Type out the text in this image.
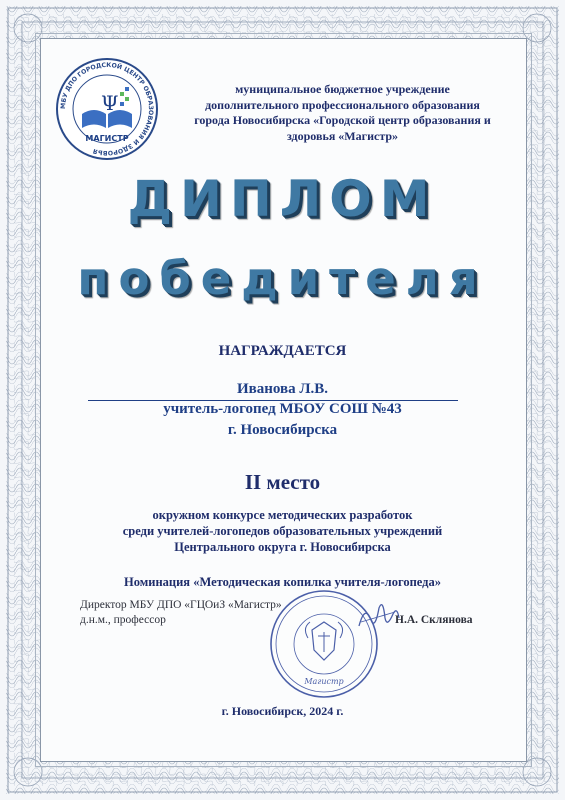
МБУ ДПО ГОРОДСКОЙ ЦЕНТР ОБРАЗОВАНИЯ И ЗДОРОВЬЯ
Ψ
МАГИСТР
муниципальное бюджетное учреждение
дополнительного профессионального образования
города Новосибирска «Городской центр образования и
здоровья «Магистр»
ДИПЛОМ
победителя
НАГРАЖДАЕТСЯ
Иванова Л.В.
учитель-логопед МБОУ СОШ №43
г. Новосибирска
II место
окружном конкурсе методических разработок
среди учителей-логопедов образовательных учреждений
Центрального округа г. Новосибирска
Номинация «Методическая копилка учителя-логопеда»
Магистр
Директор МБУ ДПО «ГЦОиЗ «Магистр»
д.н.м., профессор	Н.А. Склянова
г. Новосибирск, 2024 г.
